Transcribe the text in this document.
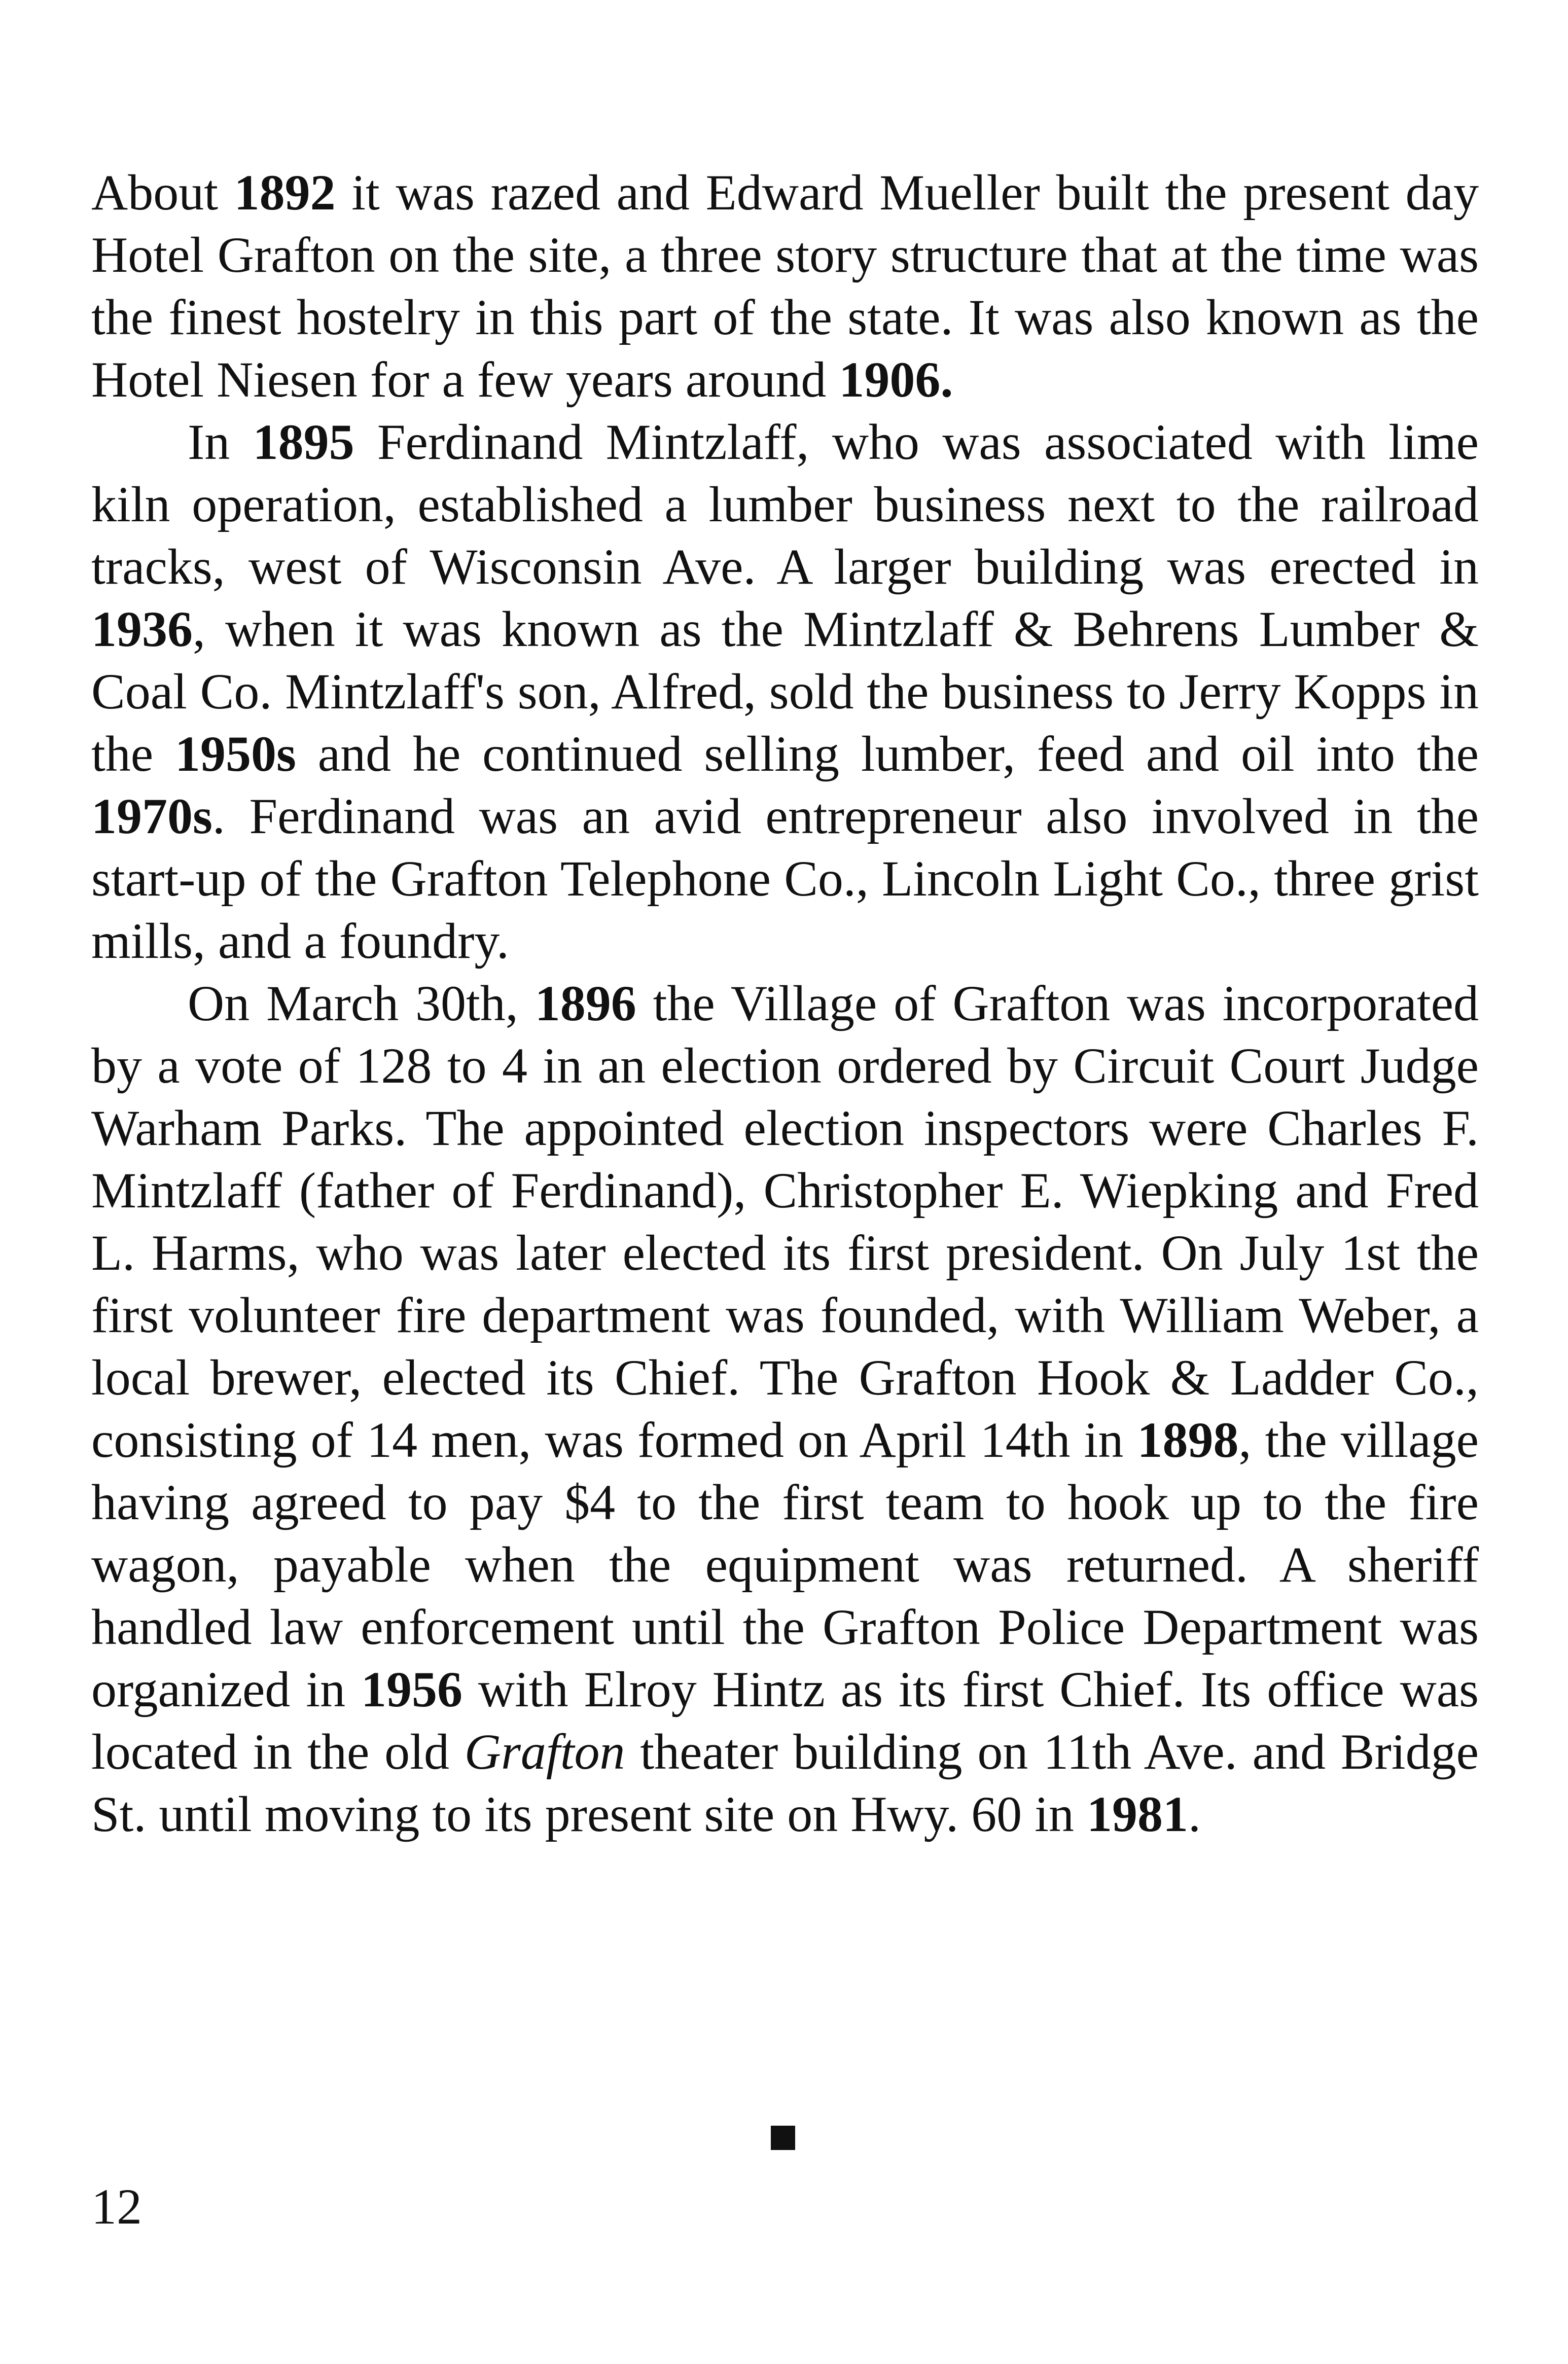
About 1892 it was razed and Edward Mueller built the present day Hotel Grafton on the site, a three story structure that at the time was the finest hostelry in this part of the state. It was also known as the Hotel Niesen for a few years around 1906.

In 1895 Ferdinand Mintzlaff, who was associated with lime kiln operation, established a lumber business next to the railroad tracks, west of Wisconsin Ave. A larger building was erected in 1936, when it was known as the Mintzlaff & Behrens Lumber & Coal Co. Mintzlaff's son, Alfred, sold the business to Jerry Kopps in the 1950s and he continued selling lumber, feed and oil into the 1970s. Ferdinand was an avid entrepreneur also involved in the start-up of the Grafton Telephone Co., Lincoln Light Co., three grist mills, and a foundry.

On March 30th, 1896 the Village of Grafton was incorporated by a vote of 128 to 4 in an election ordered by Circuit Court Judge Warham Parks. The appointed election inspectors were Charles F. Mintzlaff (father of Ferdinand), Christopher E. Wiepking and Fred L. Harms, who was later elected its first president. On July 1st the first volunteer fire department was founded, with William Weber, a local brewer, elected its Chief. The Grafton Hook & Ladder Co., consisting of 14 men, was formed on April 14th in 1898, the village having agreed to pay $4 to the first team to hook up to the fire wagon, payable when the equipment was returned. A sheriff handled law enforcement until the Grafton Police Department was organized in 1956 with Elroy Hintz as its first Chief. Its office was located in the old Grafton theater building on 11th Ave. and Bridge St. until moving to its present site on Hwy. 60 in 1981.

12
